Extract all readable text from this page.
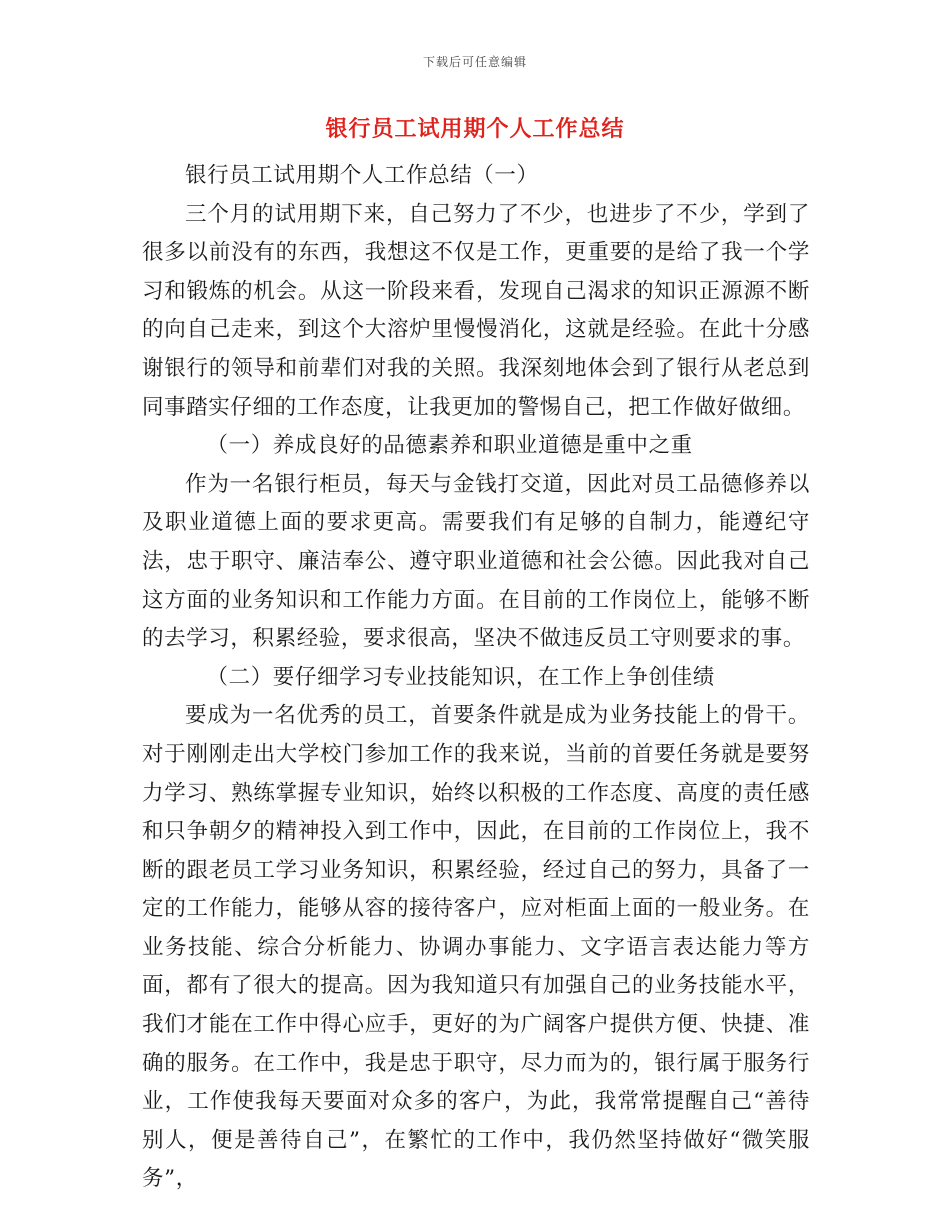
下载后可任意编辑
银行员工试用期个人工作总结

银行员工试用期个人工作总结（一）

三个月的试用期下来，自己努力了不少，也进步了不少，学到了很多以前没有的东西，我想这不仅是工作，更重要的是给了我一个学习和锻炼的机会。从这一阶段来看，发现自己渴求的知识正源源不断的向自己走来，到这个大溶炉里慢慢消化，这就是经验。在此十分感谢银行的领导和前辈们对我的关照。我深刻地体会到了银行从老总到同事踏实仔细的工作态度，让我更加的警惕自己，把工作做好做细。

（一）养成良好的品德素养和职业道德是重中之重

作为一名银行柜员，每天与金钱打交道，因此对员工品德修养以及职业道德上面的要求更高。需要我们有足够的自制力，能遵纪守法，忠于职守、廉洁奉公、遵守职业道德和社会公德。因此我对自己这方面的业务知识和工作能力方面。在目前的工作岗位上，能够不断的去学习，积累经验，要求很高，坚决不做违反员工守则要求的事。

（二）要仔细学习专业技能知识，在工作上争创佳绩

要成为一名优秀的员工，首要条件就是成为业务技能上的骨干。对于刚刚走出大学校门参加工作的我来说，当前的首要任务就是要努力学习、熟练掌握专业知识，始终以积极的工作态度、高度的责任感和只争朝夕的精神投入到工作中，因此，在目前的工作岗位上，我不断的跟老员工学习业务知识，积累经验，经过自己的努力，具备了一定的工作能力，能够从容的接待客户，应对柜面上面的一般业务。在业务技能、综合分析能力、协调办事能力、文字语言表达能力等方面，都有了很大的提高。因为我知道只有加强自己的业务技能水平，我们才能在工作中得心应手，更好的为广阔客户提供方便、快捷、准确的服务。在工作中，我是忠于职守，尽力而为的，银行属于服务行业，工作使我每天要面对众多的客户，为此，我常常提醒自己“善待别人，便是善待自己”，在繁忙的工作中，我仍然坚持做好“微笑服务”，
